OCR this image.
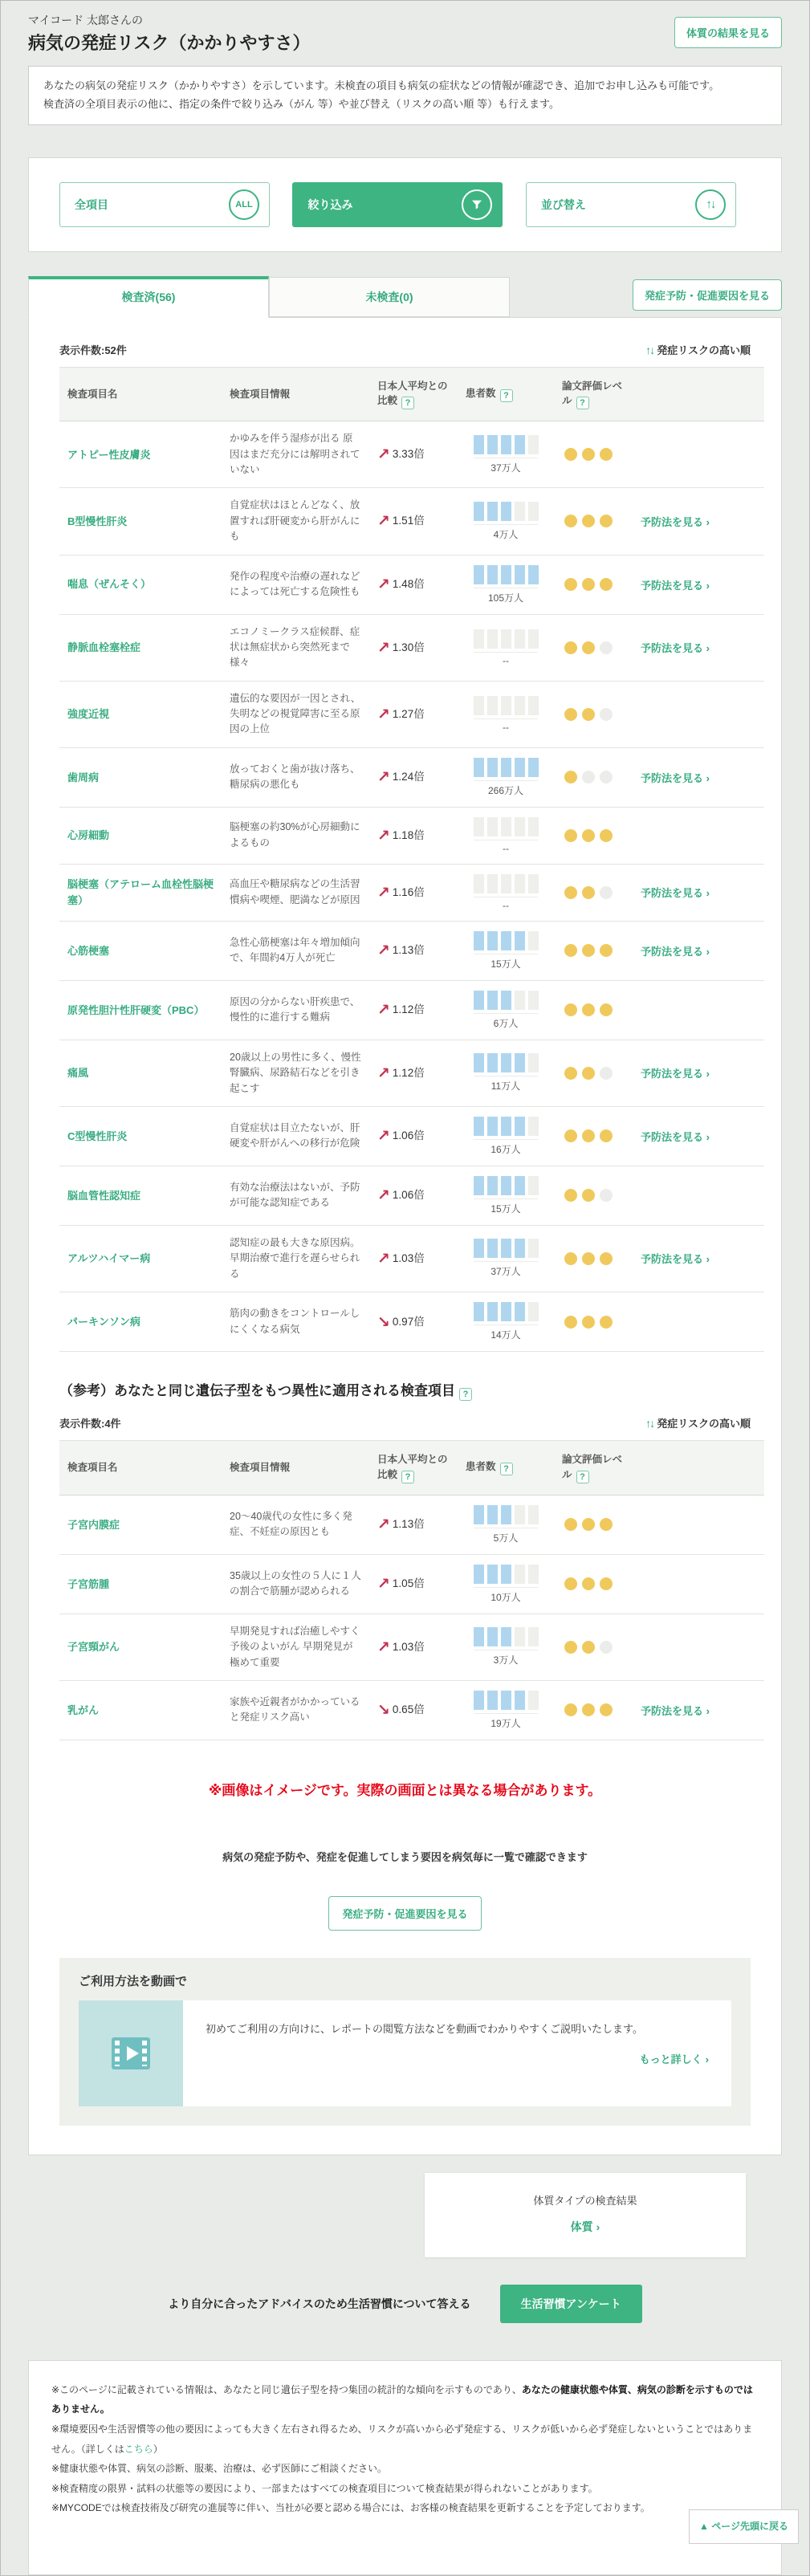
マイコード 太郎さんの
病気の発症リスク（かかりやすさ）	体質の結果を見る
あなたの病気の発症リスク（かかりやすさ）を示しています。未検査の項目も病気の症状などの情報が確認でき、追加でお申し込みも可能です。
検査済の全項目表示の他に、指定の条件で絞り込み（がん 等）や並び替え（リスクの高い順 等）も行えます。
全項目	ALL
	絞り込み
	並び替え	↑↓
検査済(56)	未検査(0)	発症予防・促進要因を見る
表示件数:52件	↑↓ 発症リスクの高い順
検査項目名	検査項目情報	日本人平均との比較 ?	患者数 ?	論文評価レベル ?	
アトピー性皮膚炎	かゆみを伴う湿疹が出る 原因はまだ充分には解明されていない	↗ 3.33倍	37万人		

B型慢性肝炎	自覚症状はほとんどなく、放置すれば肝硬変から肝がんにも	↗ 1.51倍	4万人		予防法を見る ›
喘息（ぜんそく）	発作の程度や治療の遅れなどによっては死亡する危険性も	↗ 1.48倍	105万人		予防法を見る ›
静脈血栓塞栓症	エコノミークラス症候群、症状は無症状から突然死まで様々	↗ 1.30倍	--		予防法を見る ›
強度近視	遺伝的な要因が一因とされ、失明などの視覚障害に至る原因の上位	↗ 1.27倍	--		

歯周病	放っておくと歯が抜け落ち、糖尿病の悪化も	↗ 1.24倍	266万人		予防法を見る ›
心房細動	脳梗塞の約30%が心房細動によるもの	↗ 1.18倍	--		

脳梗塞（アテローム血栓性脳梗塞）	高血圧や糖尿病などの生活習慣病や喫煙、肥満などが原因	↗ 1.16倍	--		予防法を見る ›
心筋梗塞	急性心筋梗塞は年々増加傾向で、年間約4万人が死亡	↗ 1.13倍	15万人		予防法を見る ›
原発性胆汁性肝硬変（PBC）	原因の分からない肝疾患で、慢性的に進行する難病	↗ 1.12倍	6万人		

痛風	20歳以上の男性に多く、慢性腎臓病、尿路結石などを引き起こす	↗ 1.12倍	11万人		予防法を見る ›
C型慢性肝炎	自覚症状は目立たないが、肝硬変や肝がんへの移行が危険	↗ 1.06倍	16万人		予防法を見る ›
脳血管性認知症	有効な治療法はないが、予防が可能な認知症である	↗ 1.06倍	15万人		

アルツハイマー病	認知症の最も大きな原因病。早期治療で進行を遅らせられる	↗ 1.03倍	37万人		予防法を見る ›
パーキンソン病	筋肉の動きをコントロールしにくくなる病気	↘ 0.97倍	14万人		

（参考）あなたと同じ遺伝子型をもつ異性に適用される検査項目 ?
表示件数:4件	↑↓ 発症リスクの高い順
検査項目名	検査項目情報	日本人平均との比較 ?	患者数 ?	論文評価レベル ?	
子宮内膜症	20〜40歳代の女性に多く発症、不妊症の原因とも	↗ 1.13倍	5万人		

子宮筋腫	35歳以上の女性の５人に１人の割合で筋腫が認められる	↗ 1.05倍	10万人		

子宮頸がん	早期発見すれば治癒しやすく予後のよいがん 早期発見が極めて重要	↗ 1.03倍	3万人		

乳がん	家族や近親者がかかっていると発症リスク高い	↘ 0.65倍	19万人		予防法を見る ›
※画像はイメージです。実際の画面とは異なる場合があります。
病気の発症予防や、発症を促進してしまう要因を病気毎に一覧で確認できます

発症予防・促進要因を見る
ご利用方法を動画で
初めてご利用の方向けに、レポートの閲覧方法などを動画でわかりやすくご説明いたします。
もっと詳しく ›
体質タイプの検査結果
体質 ›
より自分に合ったアドバイスのため生活習慣について答える	生活習慣アンケート
※このページに記載されている情報は、あなたと同じ遺伝子型を持つ集団の統計的な傾向を示すものであり、あなたの健康状態や体質、病気の診断を示すものではありません。
※環境要因や生活習慣等の他の要因によっても大きく左右され得るため、リスクが高いから必ず発症する、リスクが低いから必ず発症しないということではありません。（詳しくはこちら）
※健康状態や体質、病気の診断、服薬、治療は、必ず医師にご相談ください。
※検査精度の限界・試料の状態等の要因により、一部またはすべての検査項目について検査結果が得られないことがあります。
※MYCODEでは検査技術及び研究の進展等に伴い、当社が必要と認める場合には、お客様の検査結果を更新することを予定しております。
▲ ページ先頭に戻る
